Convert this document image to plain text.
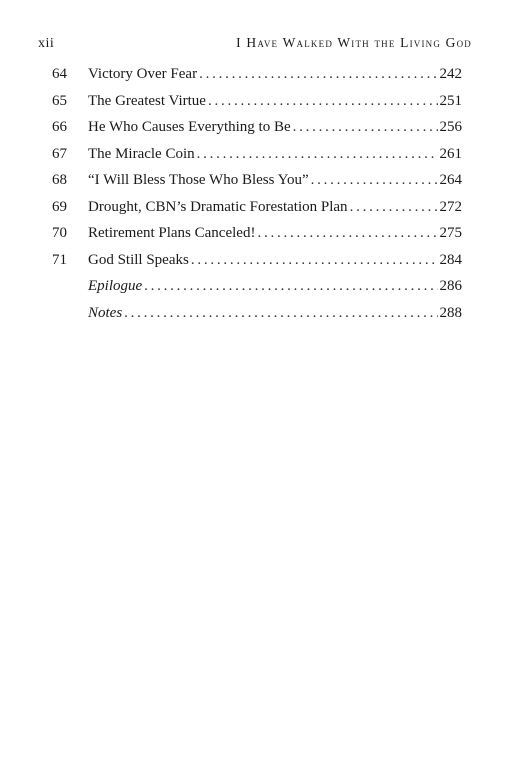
xii	I Have Walked With the Living God
64	Victory Over Fear . . .	242
65	The Greatest Virtue . . .	251
66	He Who Causes Everything to Be . . .	256
67	The Miracle Coin . . .	261
68	“I Will Bless Those Who Bless You” . . .	264
69	Drought, CBN’s Dramatic Forestation Plan . . .	272
70	Retirement Plans Canceled! . . .	275
71	God Still Speaks . . .	284
Epilogue . . .	286
Notes . . .	288
